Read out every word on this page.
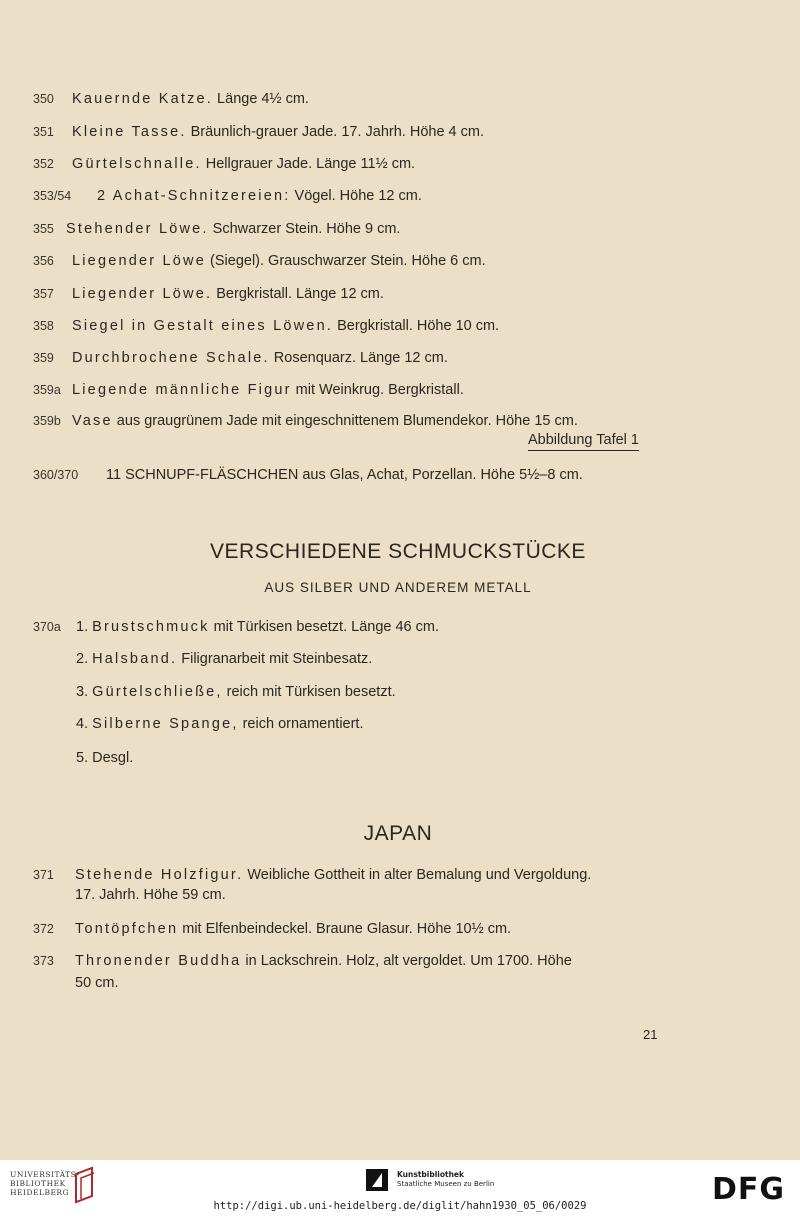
350 Kauernde Katze. Länge 4½ cm.
351 Kleine Tasse. Bräunlich-grauer Jade. 17. Jahrh. Höhe 4 cm.
352 Gürtelschnalle. Hellgrauer Jade. Länge 11½ cm.
353/54 2 Achat-Schnitzereien: Vögel. Höhe 12 cm.
355 Stehender Löwe. Schwarzer Stein. Höhe 9 cm.
356 Liegender Löwe (Siegel). Grauschwarzer Stein. Höhe 6 cm.
357 Liegender Löwe. Bergkristall. Länge 12 cm.
358 Siegel in Gestalt eines Löwen. Bergkristall. Höhe 10 cm.
359 Durchbrochene Schale. Rosenquarz. Länge 12 cm.
359a Liegende männliche Figur mit Weinkrug. Bergkristall.
359b Vase aus graugrünem Jade mit eingeschnittenem Blumendekor. Höhe 15 cm.
Abbildung Tafel 1
360/370 11 SCHNUPF-FLÄSCHCHEN aus Glas, Achat, Porzellan. Höhe 5½–8 cm.
VERSCHIEDENE SCHMUCKSTÜCKE
AUS SILBER UND ANDEREM METALL
370a 1. Brustschmuck mit Türkisen besetzt. Länge 46 cm.
2. Halsband. Filigranarbeit mit Steinbesatz.
3. Gürtelschließe, reich mit Türkisen besetzt.
4. Silberne Spange, reich ornamentiert.
5. Desgl.
JAPAN
371 Stehende Holzfigur. Weibliche Gottheit in alter Bemalung und Vergoldung.
17. Jahrh. Höhe 59 cm.
372 Tontöpfchen mit Elfenbeindeckel. Braune Glasur. Höhe 10½ cm.
373 Thronender Buddha in Lackschrein. Holz, alt vergoldet. Um 1700. Höhe
50 cm.
21
UNIVERSITÄTS-
BIBLIOTHEK
HEIDELBERG
Kunstbibliothek
Staatliche Museen zu Berlin	DFG
http://digi.ub.uni-heidelberg.de/diglit/hahn1930_05_06/0029
